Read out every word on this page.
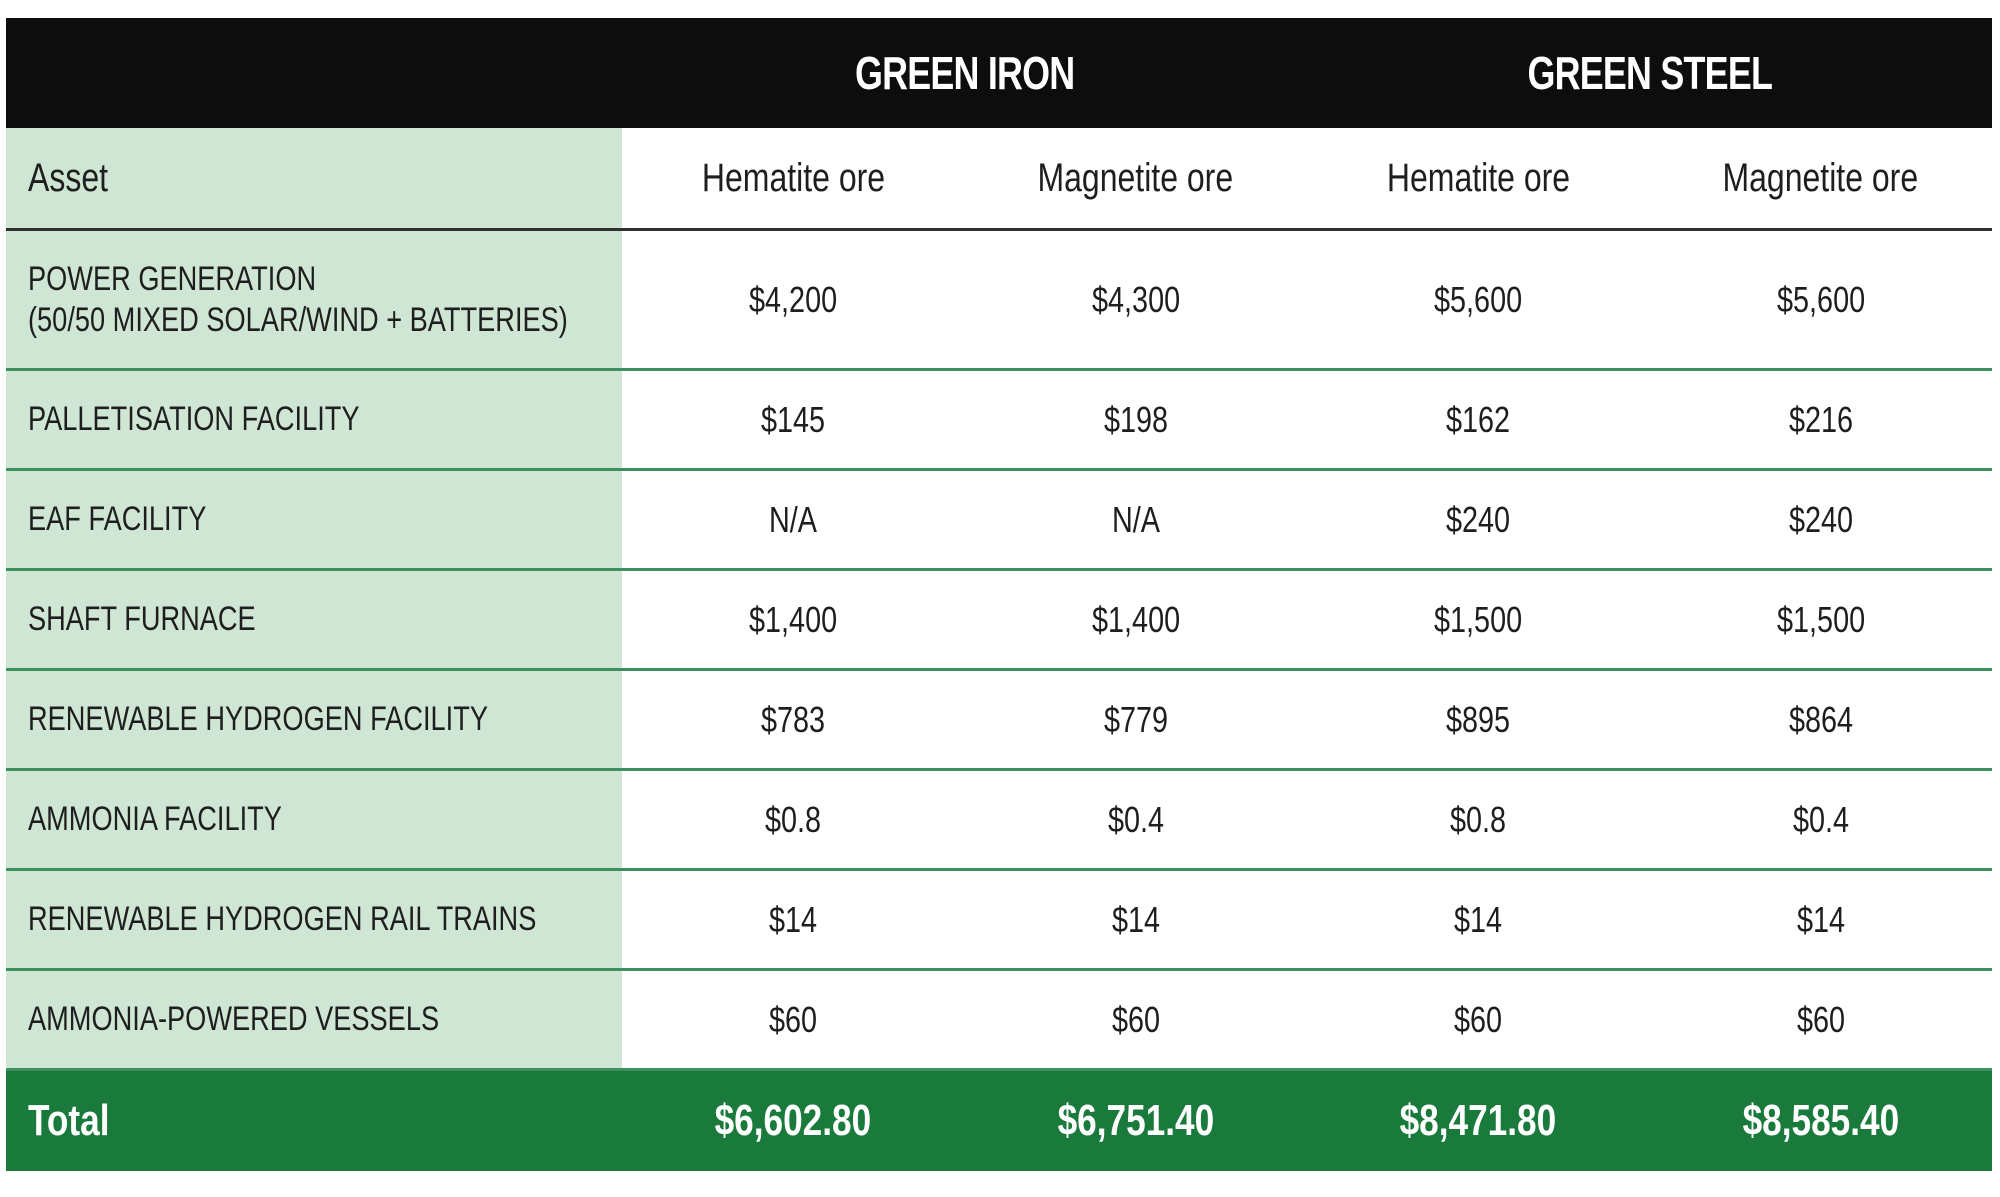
	GREEN IRON		GREEN STEEL	
Asset	Hematite ore	Magnetite ore	Hematite ore	Magnetite ore

POWER GENERATION
(50/50 MIXED SOLAR/WIND + BATTERIES)	$4,200	$4,300	$5,600	$5,600
PALLETISATION FACILITY	$145	$198	$162	$216
EAF FACILITY	N/A	N/A	$240	$240
SHAFT FURNACE	$1,400	$1,400	$1,500	$1,500
RENEWABLE HYDROGEN FACILITY	$783	$779	$895	$864
AMMONIA FACILITY	$0.8	$0.4	$0.8	$0.4
RENEWABLE HYDROGEN RAIL TRAINS	$14	$14	$14	$14
AMMONIA-POWERED VESSELS	$60	$60	$60	$60
Total	$6,602.80	$6,751.40	$8,471.80	$8,585.40
